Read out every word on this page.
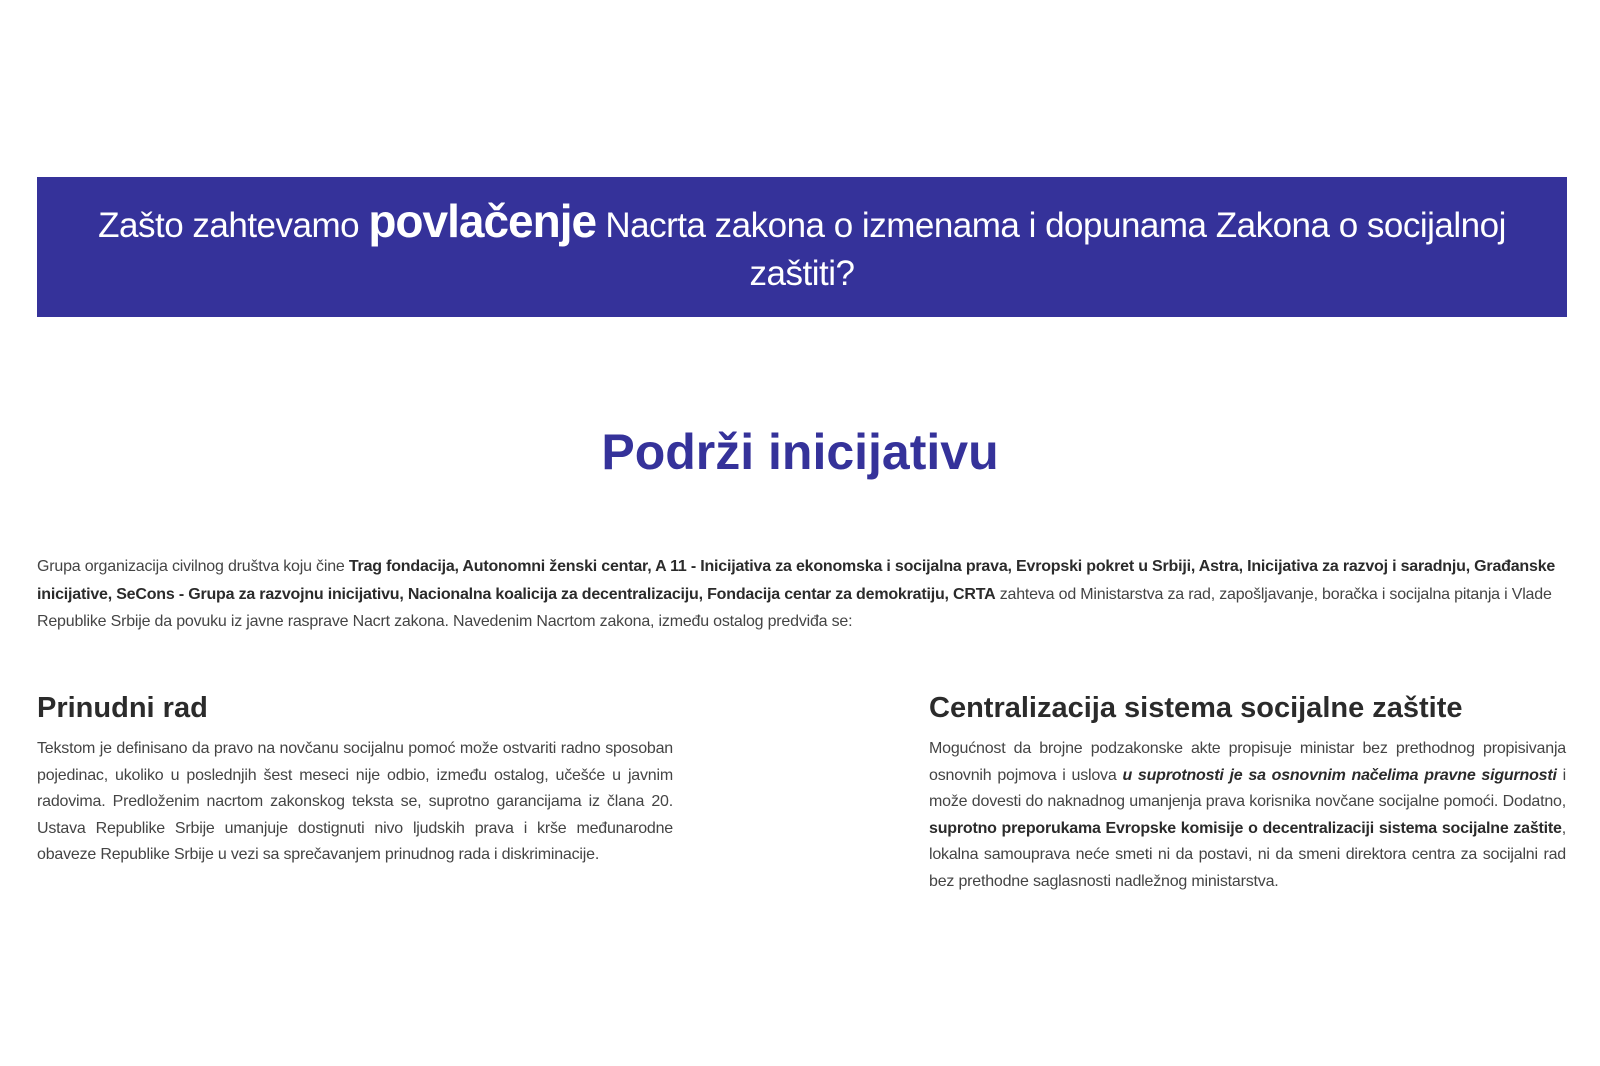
Zašto zahtevamo povlačenje Nacrta zakona o izmenama i dopunama Zakona o socijalnoj zaštiti?
Podrži inicijativu

Grupa organizacija civilnog društva koju čine Trag fondacija, Autonomni ženski centar, A 11 - Inicijativa za ekonomska i socijalna prava, Evropski pokret u Srbiji, Astra, Inicijativa za razvoj i saradnju, Građanske inicijative, SeCons - Grupa za razvojnu inicijativu, Nacionalna koalicija za decentralizaciju, Fondacija centar za demokratiju, CRTA zahteva od Ministarstva za rad, zapošljavanje, boračka i socijalna pitanja i Vlade Republike Srbije da povuku iz javne rasprave Nacrt zakona. Navedenim Nacrtom zakona, između ostalog predviđa se:

Prinudni rad

Tekstom je definisano da pravo na novčanu socijalnu pomoć može ostvariti radno sposoban pojedinac, ukoliko u poslednjih šest meseci nije odbio, između ostalog, učešće u javnim radovima. Predloženim nacrtom zakonskog teksta se, suprotno garancijama iz člana 20. Ustava Republike Srbije umanjuje dostignuti nivo ljudskih prava i krše međunarodne obaveze Republike Srbije u vezi sa sprečavanjem prinudnog rada i diskriminacije.

Centralizacija sistema socijalne zaštite

Mogućnost da brojne podzakonske akte propisuje ministar bez prethodnog propisivanja osnovnih pojmova i uslova u suprotnosti je sa osnovnim načelima pravne sigurnosti i može dovesti do naknadnog umanjenja prava korisnika novčane socijalne pomoći. Dodatno, suprotno preporukama Evropske komisije o decentralizaciji sistema socijalne zaštite, lokalna samouprava neće smeti ni da postavi, ni da smeni direktora centra za socijalni rad bez prethodne saglasnosti nadležnog ministarstva.
